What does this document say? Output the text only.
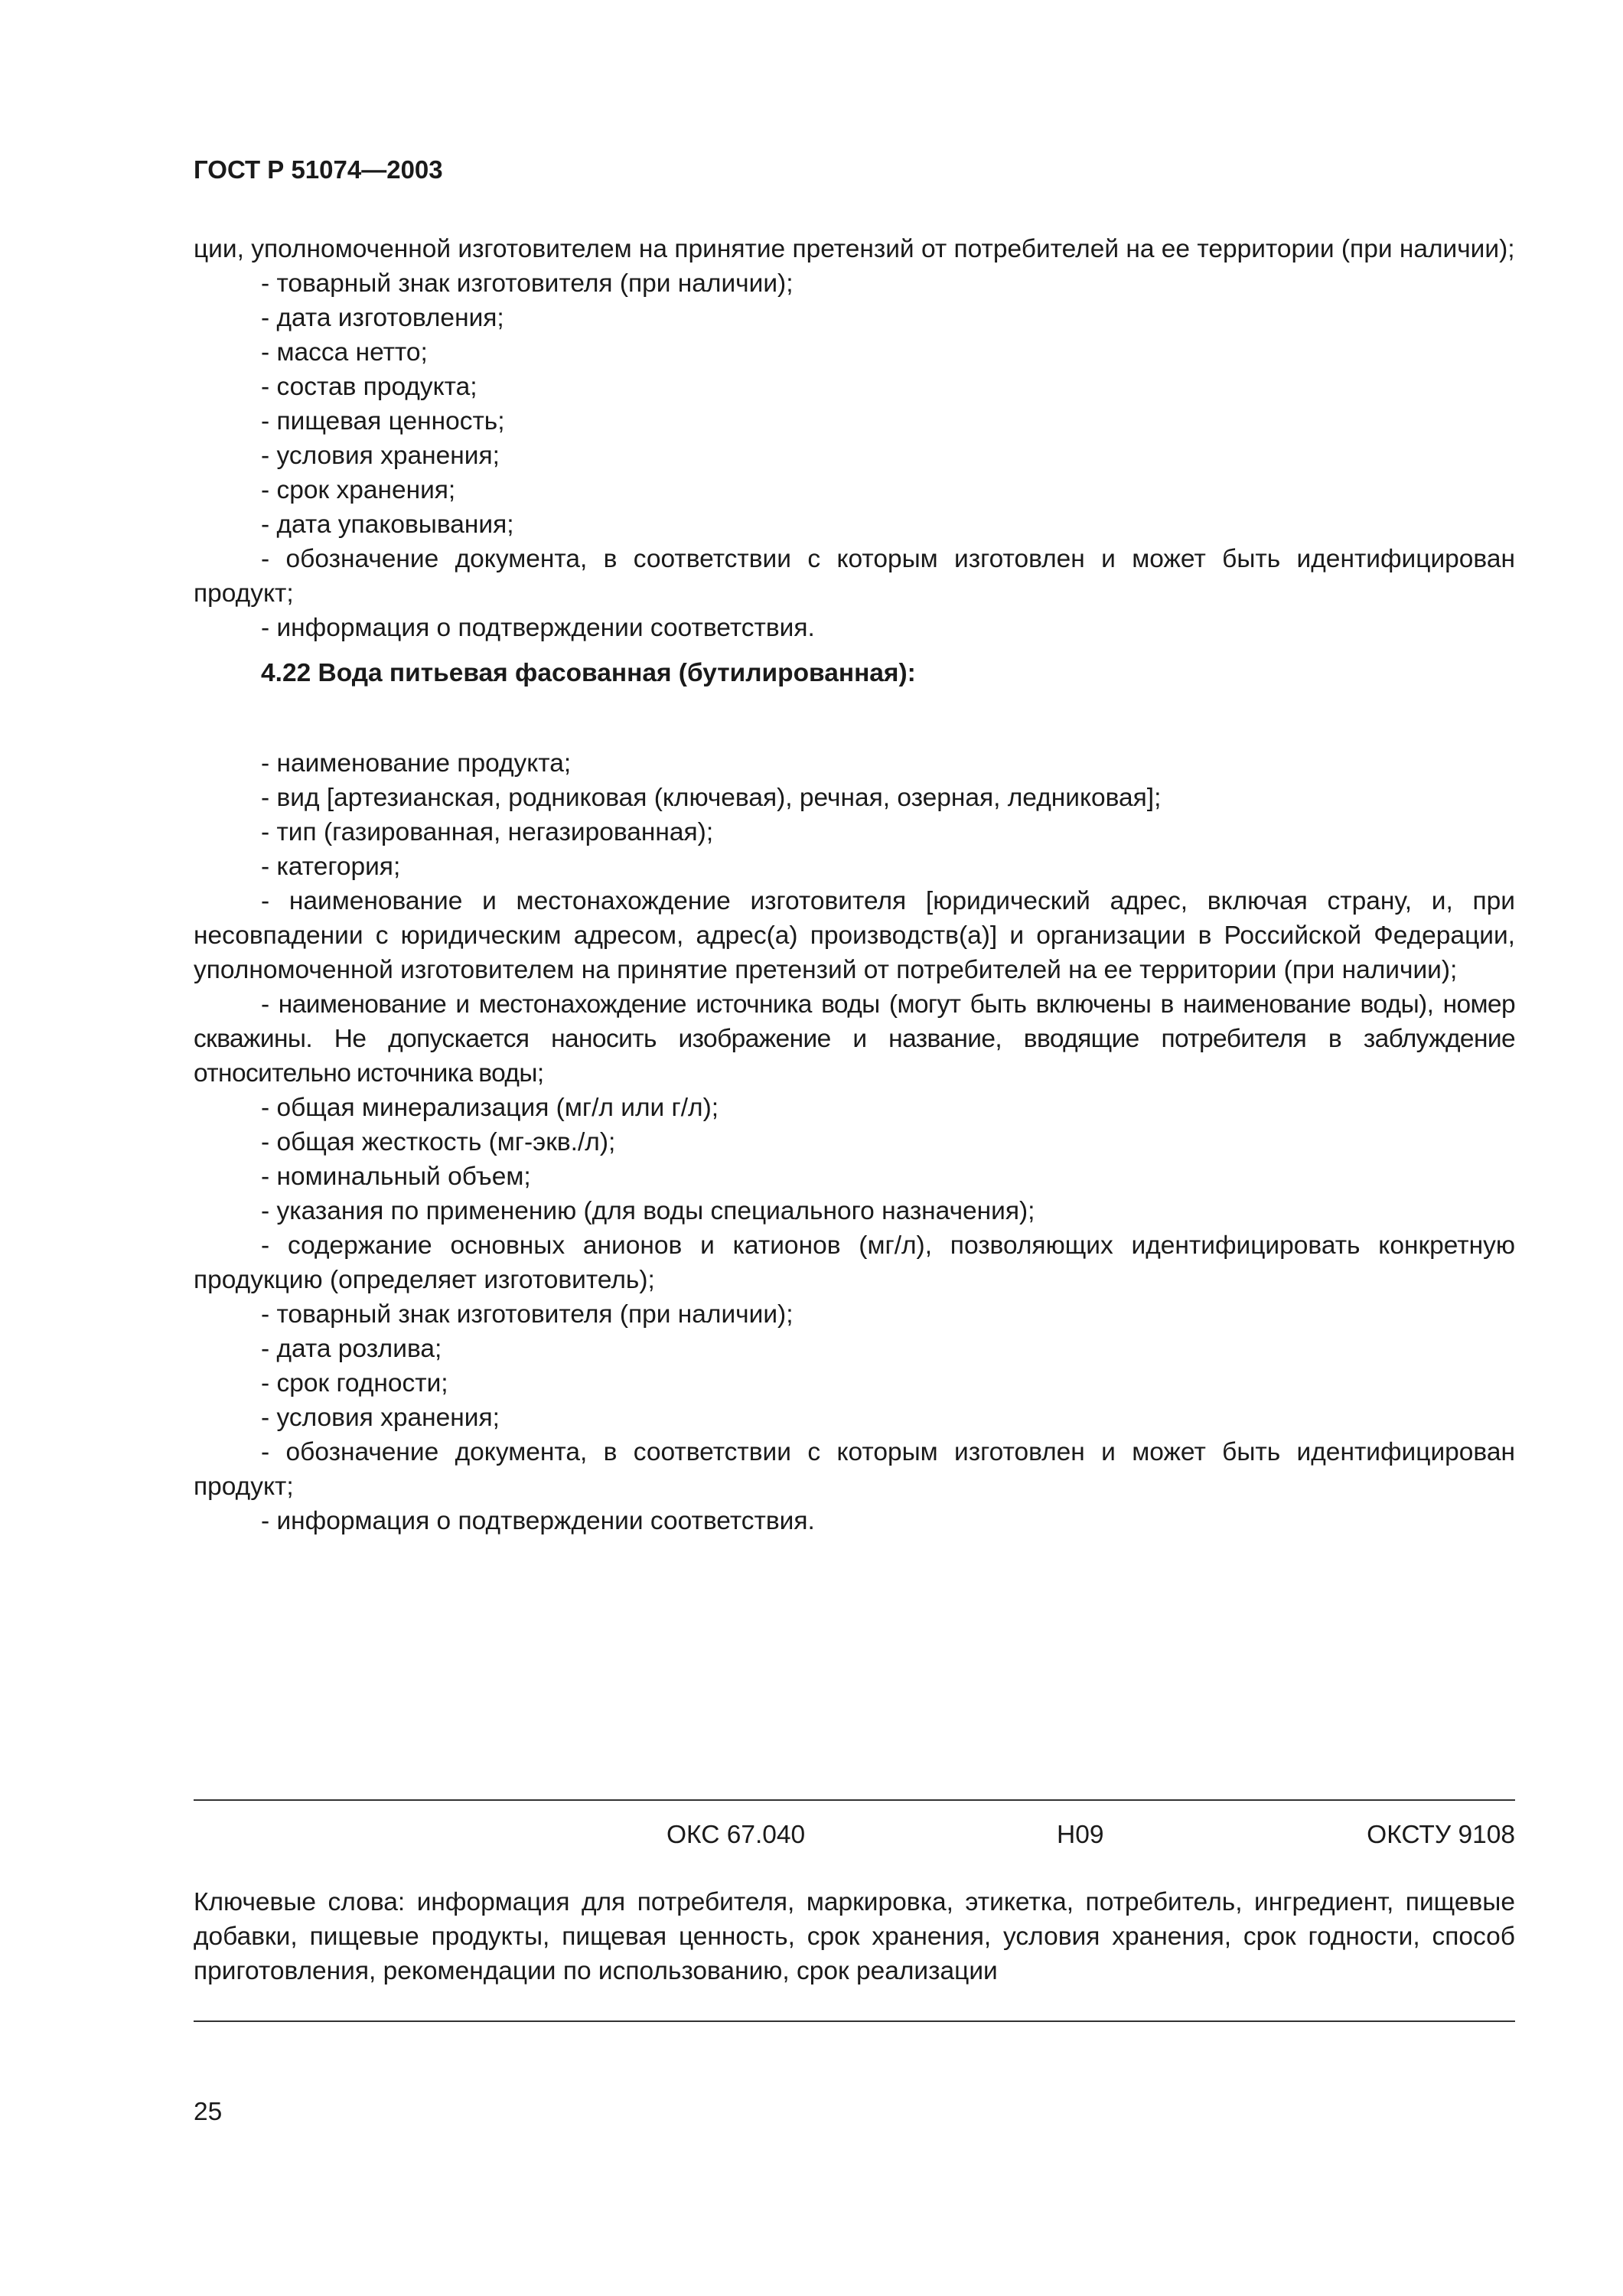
ГОСТ Р 51074—2003

ции, уполномоченной изготовителем на принятие претензий от потребителей на ее территории (при наличии);

- товарный знак изготовителя (при наличии);

- дата изготовления;

- масса нетто;

- состав продукта;

- пищевая ценность;

- условия хранения;

- срок хранения;

- дата упаковывания;

- обозначение документа, в соответствии с которым изготовлен и может быть идентифицирован продукт;

- информация о подтверждении соответствия.

4.22 Вода питьевая фасованная (бутилированная):

- наименование продукта;

- вид [артезианская, родниковая (ключевая), речная, озерная, ледниковая];

- тип (газированная, негазированная);

- категория;

- наименование и местонахождение изготовителя [юридический адрес, включая страну, и, при несовпадении с юридическим адресом, адрес(а) производств(а)] и организации в Российской Федерации, уполномоченной изготовителем на принятие претензий от потребителей на ее территории (при наличии);

- наименование и местонахождение источника воды (могут быть включены в наименование воды), номер скважины. Не допускается наносить изображение и название, вводящие потребителя в заблуждение относительно источника воды;

- общая минерализация (мг/л или г/л);

- общая жесткость (мг-экв./л);

- номинальный объем;

- указания по применению (для воды специального назначения);

- содержание основных анионов и катионов (мг/л), позволяющих идентифицировать конкретную продукцию (определяет изготовитель);

- товарный знак изготовителя (при наличии);

- дата розлива;

- срок годности;

- условия хранения;

- обозначение документа, в соответствии с которым изготовлен и может быть идентифицирован продукт;

- информация о подтверждении соответствия.

ОКС 67.040	Н09	ОКСТУ 9108

Ключевые слова: информация для потребителя, маркировка, этикетка, потребитель, ингредиент, пищевые добавки, пищевые продукты, пищевая ценность, срок хранения, условия хранения, срок годности, способ приготовления, рекомендации по использованию, срок реализации

25
